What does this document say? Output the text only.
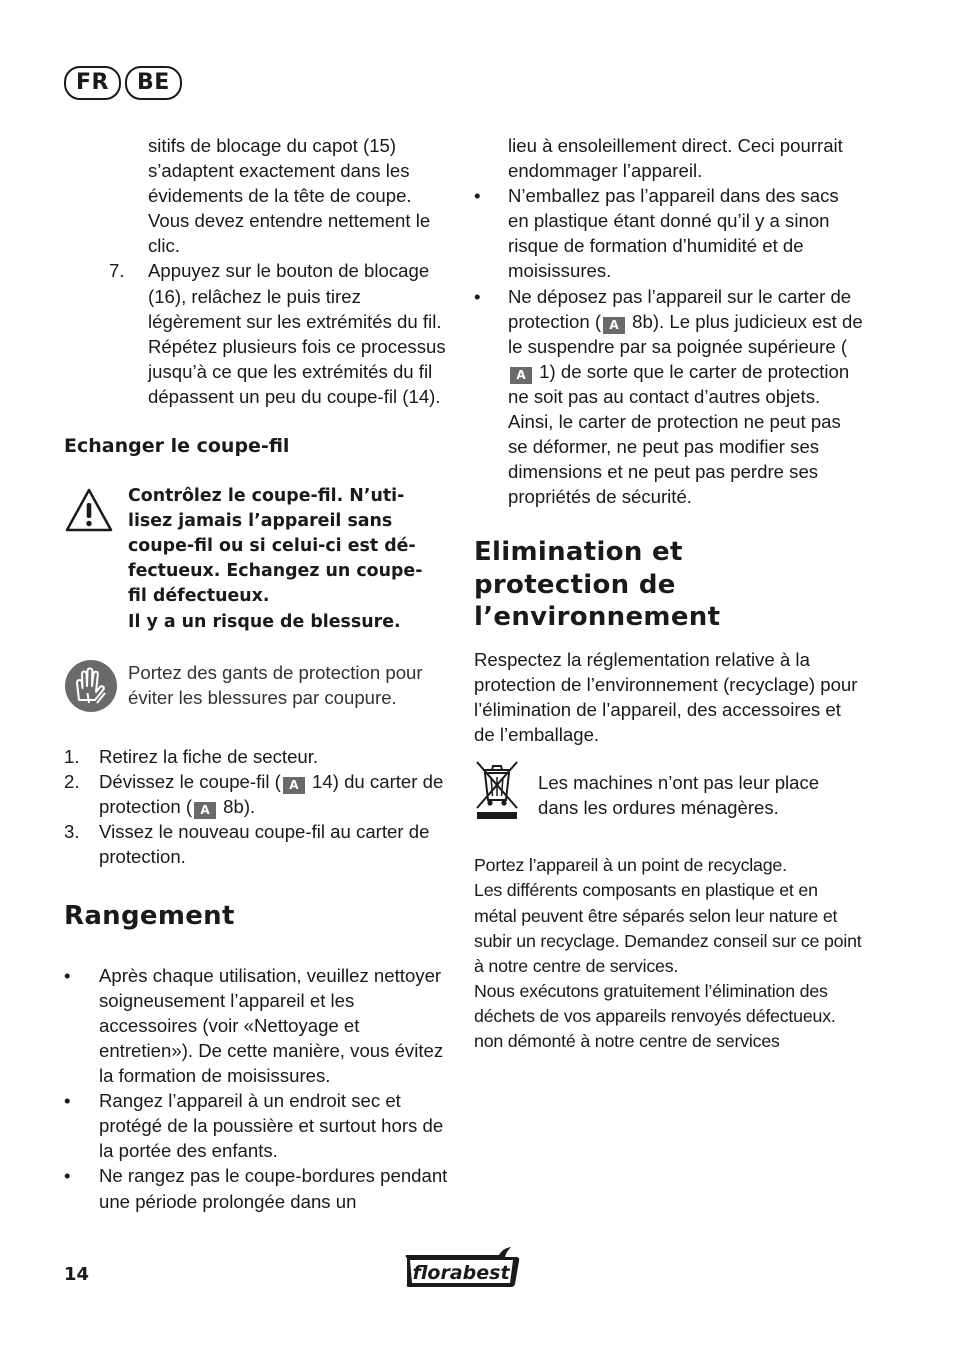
FR	BE

sitifs de blocage du capot (15) s’adaptent exactement dans les évidements de la tête de coupe. Vous devez entendre nettement le clic.

7. Appuyez sur le bouton de blocage (16), relâchez le puis tirez légèrement sur les extrémités du fil. Répétez plusieurs fois ce processus jusqu’à ce que les extrémités du fil dépassent un peu du coupe-fil (14).

Echanger le coupe-fil
Contrôlez le coupe-fil. N’uti-
lisez jamais l’appareil sans
coupe-fil ou si celui-ci est dé-
fectueux. Echangez un coupe-
fil défectueux.
Il y a un risque de blessure.

Portez des gants de protection pour éviter les blessures par coupure.

1. Retirez la fiche de secteur.

2. Dévissez le coupe-fil ( A 14) du carter de protection ( A 8b).

3. Vissez le nouveau coupe-fil au carter de protection.

Rangement
• Après chaque utilisation, veuillez nettoyer soigneusement l’appareil et les accessoires (voir «Nettoyage et entretien»). De cette manière, vous évitez la formation de moisissures.

• Rangez l’appareil à un endroit sec et protégé de la poussière et surtout hors de la portée des enfants.

• Ne rangez pas le coupe-bordures pendant une période prolongée dans un

lieu à ensoleillement direct. Ceci pourrait endommager l’appareil.

• N’emballez pas l’appareil dans des sacs en plastique étant donné qu’il y a sinon risque de formation d’humidité et de moisissures.

• Ne déposez pas l’appareil sur le carter de protection ( A 8b). Le plus judicieux est de le suspendre par sa poignée supérieure (A 1) de sorte que le carter de protection ne soit pas au contact d’autres objets. Ainsi, le carter de protection ne peut pas se déformer, ne peut pas modifier ses dimensions et ne peut pas perdre ses propriétés de sécurité.

Elimination et
protection de
l’environnement

Respectez la réglementation relative à la protection de l’environnement (recyclage) pour l’élimination de l’appareil, des accessoires et de l’emballage.

Les machines n’ont pas leur place dans les ordures ménagères.

Portez l’appareil à un point de recyclage.

Les différents composants en plastique et en métal peuvent être séparés selon leur nature et subir un recyclage. Demandez conseil sur ce point à notre centre de services.

Nous exécutons gratuitement l’élimination des déchets de vos appareils renvoyés défectueux.

non démonté à notre centre de services

14	florabest
